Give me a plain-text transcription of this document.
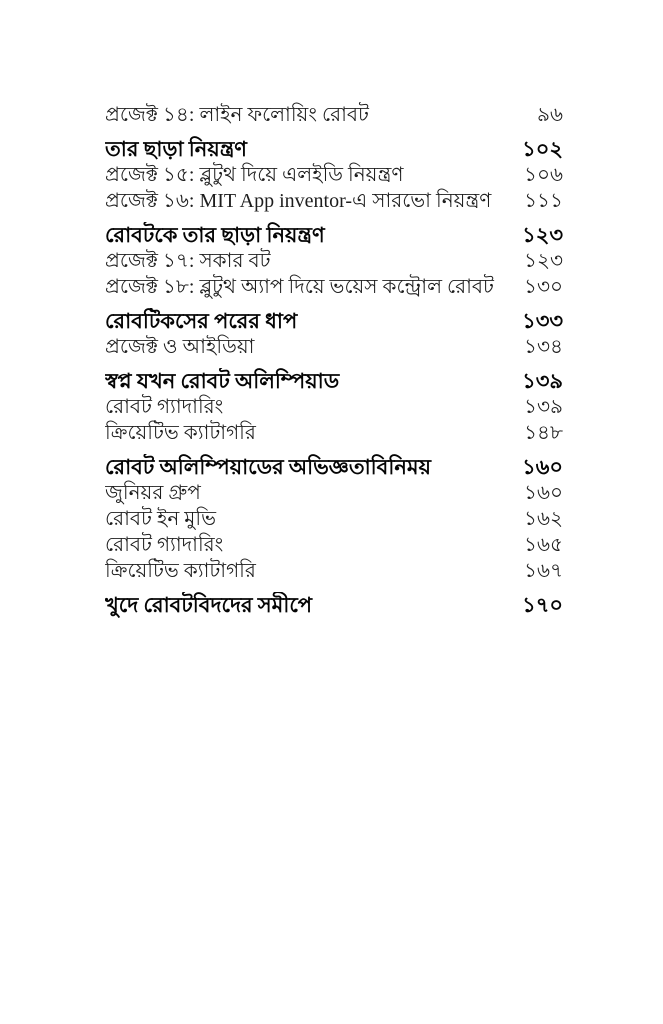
প্রজেক্ট ১৪: লাইন ফলোয়িং রোবট	৯৬
তার ছাড়া নিয়ন্ত্রণ	১০২
প্রজেক্ট ১৫: ব্লুটুথ দিয়ে এলইডি নিয়ন্ত্রণ	১০৬
প্রজেক্ট ১৬: MIT App inventor-এ সারভো নিয়ন্ত্রণ	১১১
রোবটকে তার ছাড়া নিয়ন্ত্রণ	১২৩
প্রজেক্ট ১৭: সকার বট	১২৩
প্রজেক্ট ১৮: ব্লুটুথ অ্যাপ দিয়ে ভয়েস কন্ট্রোল রোবট	১৩০
রোবটিকসের পরের ধাপ	১৩৩
প্রজেক্ট ও আইডিয়া	১৩৪
স্বপ্ন যখন রোবট অলিম্পিয়াড	১৩৯
রোবট গ্যাদারিং	১৩৯
ক্রিয়েটিভ ক্যাটাগরি	১৪৮
রোবট অলিম্পিয়াডের অভিজ্ঞতাবিনিময়	১৬০
জুনিয়র গ্রুপ	১৬০
রোবট ইন মুভি	১৬২
রোবট গ্যাদারিং	১৬৫
ক্রিয়েটিভ ক্যাটাগরি	১৬৭
খুদে রোবটবিদদের সমীপে	১৭০
